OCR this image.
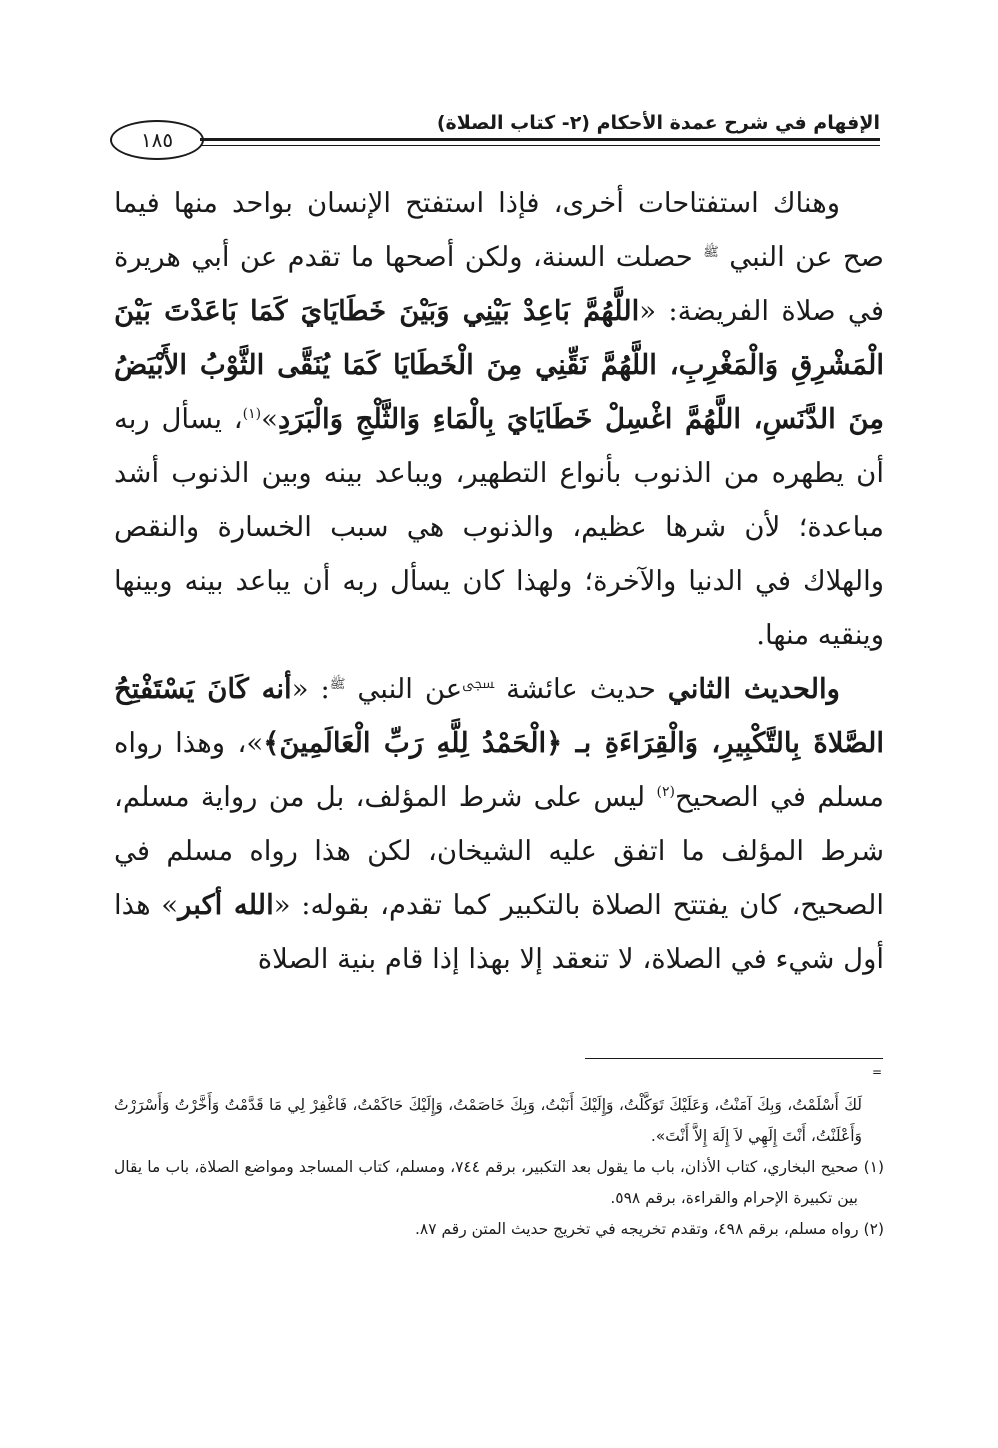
الإفهام في شرح عمدة الأحكام (٢- كتاب الصلاة)
١٨٥

وهناك استفتاحات أخرى، فإذا استفتح الإنسان بواحد منها فيما صح عن النبي $^ﷺ$ حصلت السنة، ولكن أصحها ما تقدم عن أبي هريرة في صلاة الفريضة: «اللَّهُمَّ بَاعِدْ بَيْنِي وَبَيْنَ خَطَايَايَ كَمَا بَاعَدْتَ بَيْنَ الْمَشْرِقِ وَالْمَغْرِبِ، اللَّهُمَّ نَقِّنِي مِنَ الْخَطَايَا كَمَا يُنَقَّى الثَّوْبُ الأَبْيَضُ مِنَ الدَّنَسِ، اللَّهُمَّ اغْسِلْ خَطَايَايَ بِالْمَاءِ وَالثَّلْجِ وَالْبَرَدِ»$^{(١)}$، يسأل ربه أن يطهره من الذنوب بأنواع التطهير، ويباعد بينه وبين الذنوب أشد مباعدة؛ لأن شرها عظيم، والذنوب هي سبب الخسارة والنقص والهلاك في الدنيا والآخرة؛ ولهذا كان يسأل ربه أن يباعد بينه وبينها وينقيه منها.

والحديث الثاني حديث عائشة $^ﵞ$عن النبي $^ﷺ$: «أنه كَانَ يَسْتَفْتِحُ الصَّلاةَ بِالتَّكْبِيرِ، وَالْقِرَاءَةِ بـ ﴿الْحَمْدُ لِلَّهِ رَبِّ الْعَالَمِينَ﴾»، وهذا رواه مسلم في الصحيح$^{(٢)}$ ليس على شرط المؤلف، بل من رواية مسلم، شرط المؤلف ما اتفق عليه الشيخان، لكن هذا رواه مسلم في الصحيح، كان يفتتح الصلاة بالتكبير كما تقدم، بقوله: «الله أكبر» هذا أول شيء في الصلاة، لا تنعقد إلا بهذا إذا قام بنية الصلاة

=

لَكَ أَسْلَمْتُ، وَبِكَ آمَنْتُ، وَعَلَيْكَ تَوَكَّلْتُ، وَإِلَيْكَ أَنَبْتُ، وَبِكَ خَاصَمْتُ، وَإِلَيْكَ حَاكَمْتُ، فَاغْفِرْ لِي مَا قَدَّمْتُ وَأَخَّرْتُ وَأَسْرَرْتُ وَأَعْلَنْتُ، أَنْتَ إِلَهِي لاَ إِلَهَ إِلاَّ أَنْتَ».

(١) صحيح البخاري، كتاب الأذان، باب ما يقول بعد التكبير، برقم ٧٤٤، ومسلم، كتاب المساجد ومواضع الصلاة، باب ما يقال بين تكبيرة الإحرام والقراءة، برقم ٥٩٨.

(٢) رواه مسلم، برقم ٤٩٨، وتقدم تخريجه في تخريج حديث المتن رقم ٨٧.
